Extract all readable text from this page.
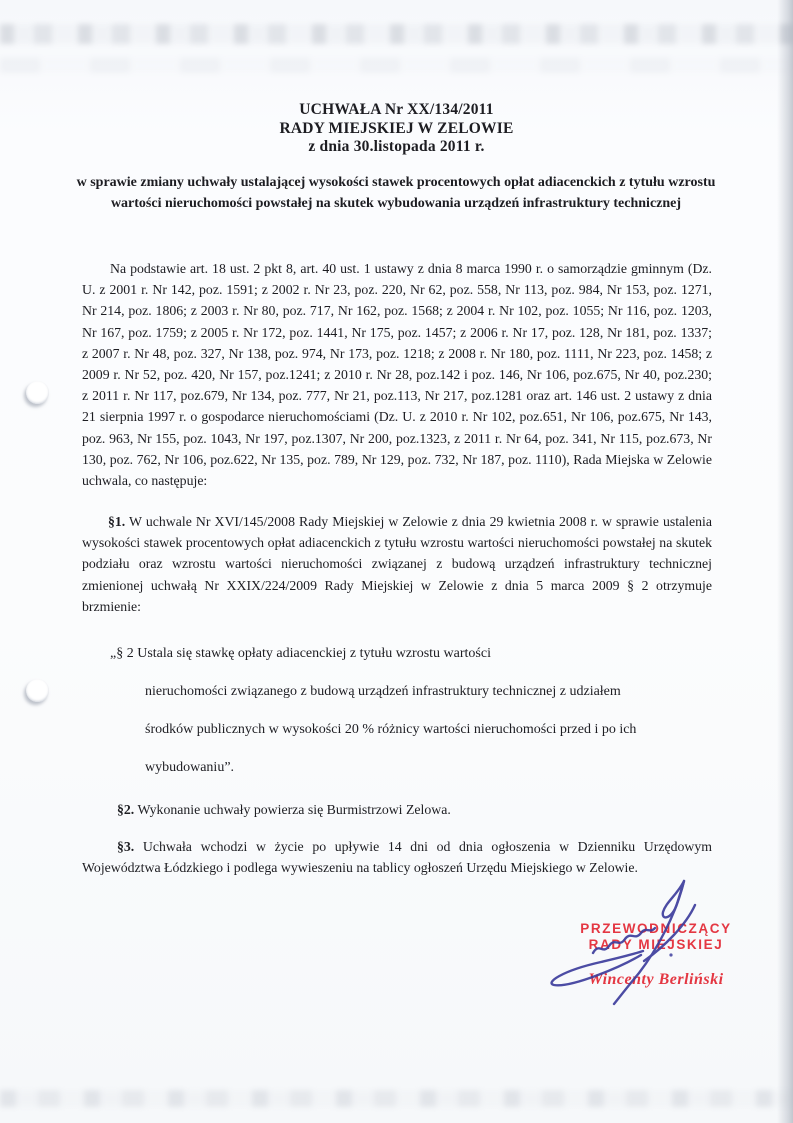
UCHWAŁA Nr XX/134/2011
RADY MIEJSKIEJ W ZELOWIE
z dnia 30.listopada 2011 r.
w sprawie zmiany uchwały ustalającej wysokości stawek procentowych opłat adiacenckich z tytułu wzrostu wartości nieruchomości powstałej na skutek wybudowania urządzeń infrastruktury technicznej
Na podstawie art. 18 ust. 2 pkt 8, art. 40 ust. 1 ustawy z dnia 8 marca 1990 r. o samorządzie gminnym (Dz. U. z 2001 r. Nr 142, poz. 1591; z 2002 r. Nr 23, poz. 220, Nr 62, poz. 558, Nr 113, poz. 984, Nr 153, poz. 1271, Nr 214, poz. 1806; z 2003 r. Nr 80, poz. 717, Nr 162, poz. 1568; z 2004 r. Nr 102, poz. 1055; Nr 116, poz. 1203, Nr 167, poz. 1759; z 2005 r. Nr 172, poz. 1441, Nr 175, poz. 1457; z 2006 r. Nr 17, poz. 128, Nr 181, poz. 1337; z 2007 r. Nr 48, poz. 327, Nr 138, poz. 974, Nr 173, poz. 1218; z 2008 r. Nr 180, poz. 1111, Nr 223, poz. 1458; z 2009 r. Nr 52, poz. 420, Nr 157, poz.1241; z 2010 r. Nr 28, poz.142 i poz. 146, Nr 106, poz.675, Nr 40, poz.230; z 2011 r. Nr 117, poz.679, Nr 134, poz. 777, Nr 21, poz.113, Nr 217, poz.1281 oraz art. 146 ust. 2 ustawy z dnia 21 sierpnia 1997 r. o gospodarce nieruchomościami (Dz. U. z 2010 r. Nr 102, poz.651, Nr 106, poz.675, Nr 143, poz. 963, Nr 155, poz. 1043, Nr 197, poz.1307, Nr 200, poz.1323, z 2011 r. Nr 64, poz. 341, Nr 115, poz.673, Nr 130, poz. 762, Nr 106, poz.622, Nr 135, poz. 789, Nr 129, poz. 732, Nr 187, poz. 1110), Rada Miejska w Zelowie uchwala, co następuje:
§1. W uchwale Nr XVI/145/2008 Rady Miejskiej w Zelowie z dnia 29 kwietnia 2008 r. w sprawie ustalenia wysokości stawek procentowych opłat adiacenckich z tytułu wzrostu wartości nieruchomości powstałej na skutek podziału oraz wzrostu wartości nieruchomości związanej z budową urządzeń infrastruktury technicznej zmienionej uchwałą Nr XXIX/224/2009 Rady Miejskiej w Zelowie z dnia 5 marca 2009 § 2 otrzymuje brzmienie:
„§ 2 Ustala się stawkę opłaty adiacenckiej z tytułu wzrostu wartości
nieruchomości związanego z budową urządzeń infrastruktury technicznej z udziałem
środków publicznych w wysokości 20 % różnicy wartości nieruchomości przed i po ich
wybudowaniu”.
§2. Wykonanie uchwały powierza się Burmistrzowi Zelowa.
§3. Uchwała wchodzi w życie po upływie 14 dni od dnia ogłoszenia w Dzienniku Urzędowym Województwa Łódzkiego i podlega wywieszeniu na tablicy ogłoszeń Urzędu Miejskiego w Zelowie.
PRZEWODNICZĄCY
RADY MIEJSKIEJ
Wincenty Berliński
